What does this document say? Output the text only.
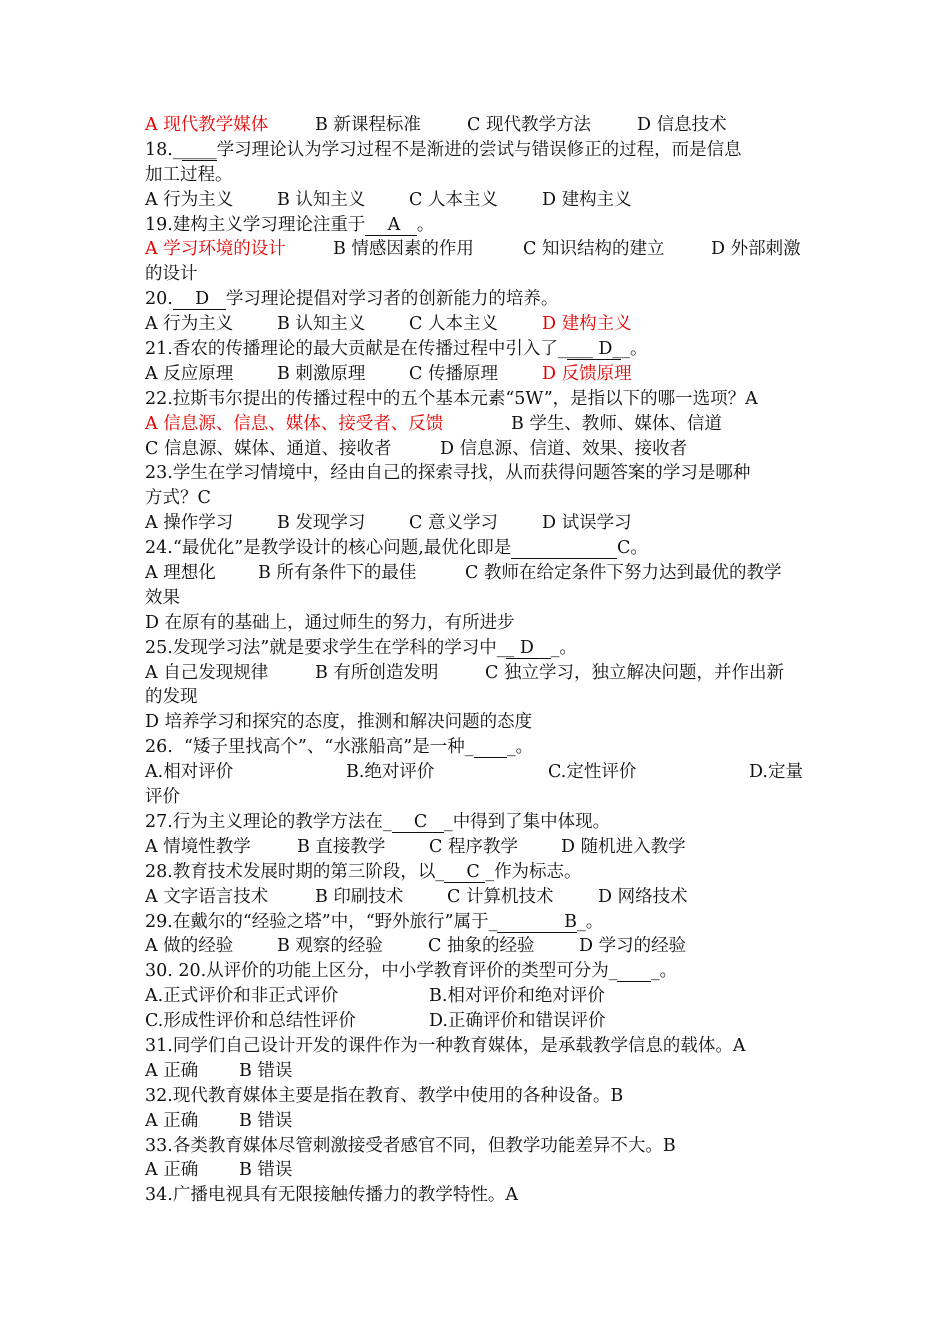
A 现代教学媒体	B 新课程标准	C 现代教学方法	D 信息技术
18._____学习理论认为学习过程不是渐进的尝试与错误修正的过程，而是信息
加工过程。
A 行为主义	B 认知主义 C 人本主义	D 建构主义
19.建构主义学习理论注重于    A   。
A 学习环境的设计	B 情感因素的作用	C 知识结构的建立	D 外部刺激
的设计
20.    D   学习理论提倡对学习者的创新能力的培养。
A 行为主义	B 认知主义 C 人本主义	D 建构主义
21.香农的传播理论的最大贡献是在传播过程中引入了____ D__。
A 反应原理	B 刺激原理 C 传播原理	D 反馈原理
22.拉斯韦尔提出的传播过程中的五个基本元素“5W”，是指以下的哪一选项？A
A 信息源、信息、媒体、接受者、反馈	B 学生、教师、媒体、信道
C 信息源、媒体、通道、接收者	D 信息源、信道、效果、接收者
23.学生在学习情境中，经由自己的探索寻找，从而获得问题答案的学习是哪种
方式？C
A 操作学习	B 发现学习 C 意义学习	D 试误学习
24.“最优化”是教学设计的核心问题,最优化即是	C。
A 理想化 B 所有条件下的最佳	C 教师在给定条件下努力达到最优的教学
效果
D 在原有的基础上，通过师生的努力，有所进步
25.发现学习法”就是要求学生在学科的学习中__ D   _。
A 自己发现规律	B 有所创造发明	C 独立学习，独立解决问题，并作出新
的发现
D 培养学习和探究的态度，推测和解决问题的态度
26.  “矮子里找高个”、“水涨船高”是一种_ _。
A.相对评价	B.绝对评价	C.定性评价	D.定量
评价
27.行为主义理论的教学方法在_    C   _中得到了集中体现。
A 情境性教学	B 直接教学 C 程序教学 D 随机进入教学
28.教育技术发展时期的第三阶段，以_    C _作为标志。
A 文字语言技术	B 印刷技术 C 计算机技术	D 网络技术
29.在戴尔的“经验之塔”中，“野外旅行”属于_            B_。
A 做的经验	B 观察的经验	C 抽象的经验	D 学习的经验
30. 20.从评价的功能上区分，中小学教育评价的类型可分为_ _。
A.正式评价和非正式评价	B.相对评价和绝对评价
C.形成性评价和总结性评价	D.正确评价和错误评价
31.同学们自己设计开发的课件作为一种教育媒体，是承载教学信息的载体。A
A 正确 B 错误
32.现代教育媒体主要是指在教育、教学中使用的各种设备。B
A 正确 B 错误
33.各类教育媒体尽管刺激接受者感官不同，但教学功能差异不大。B
A 正确 B 错误
34.广播电视具有无限接触传播力的教学特性。A
